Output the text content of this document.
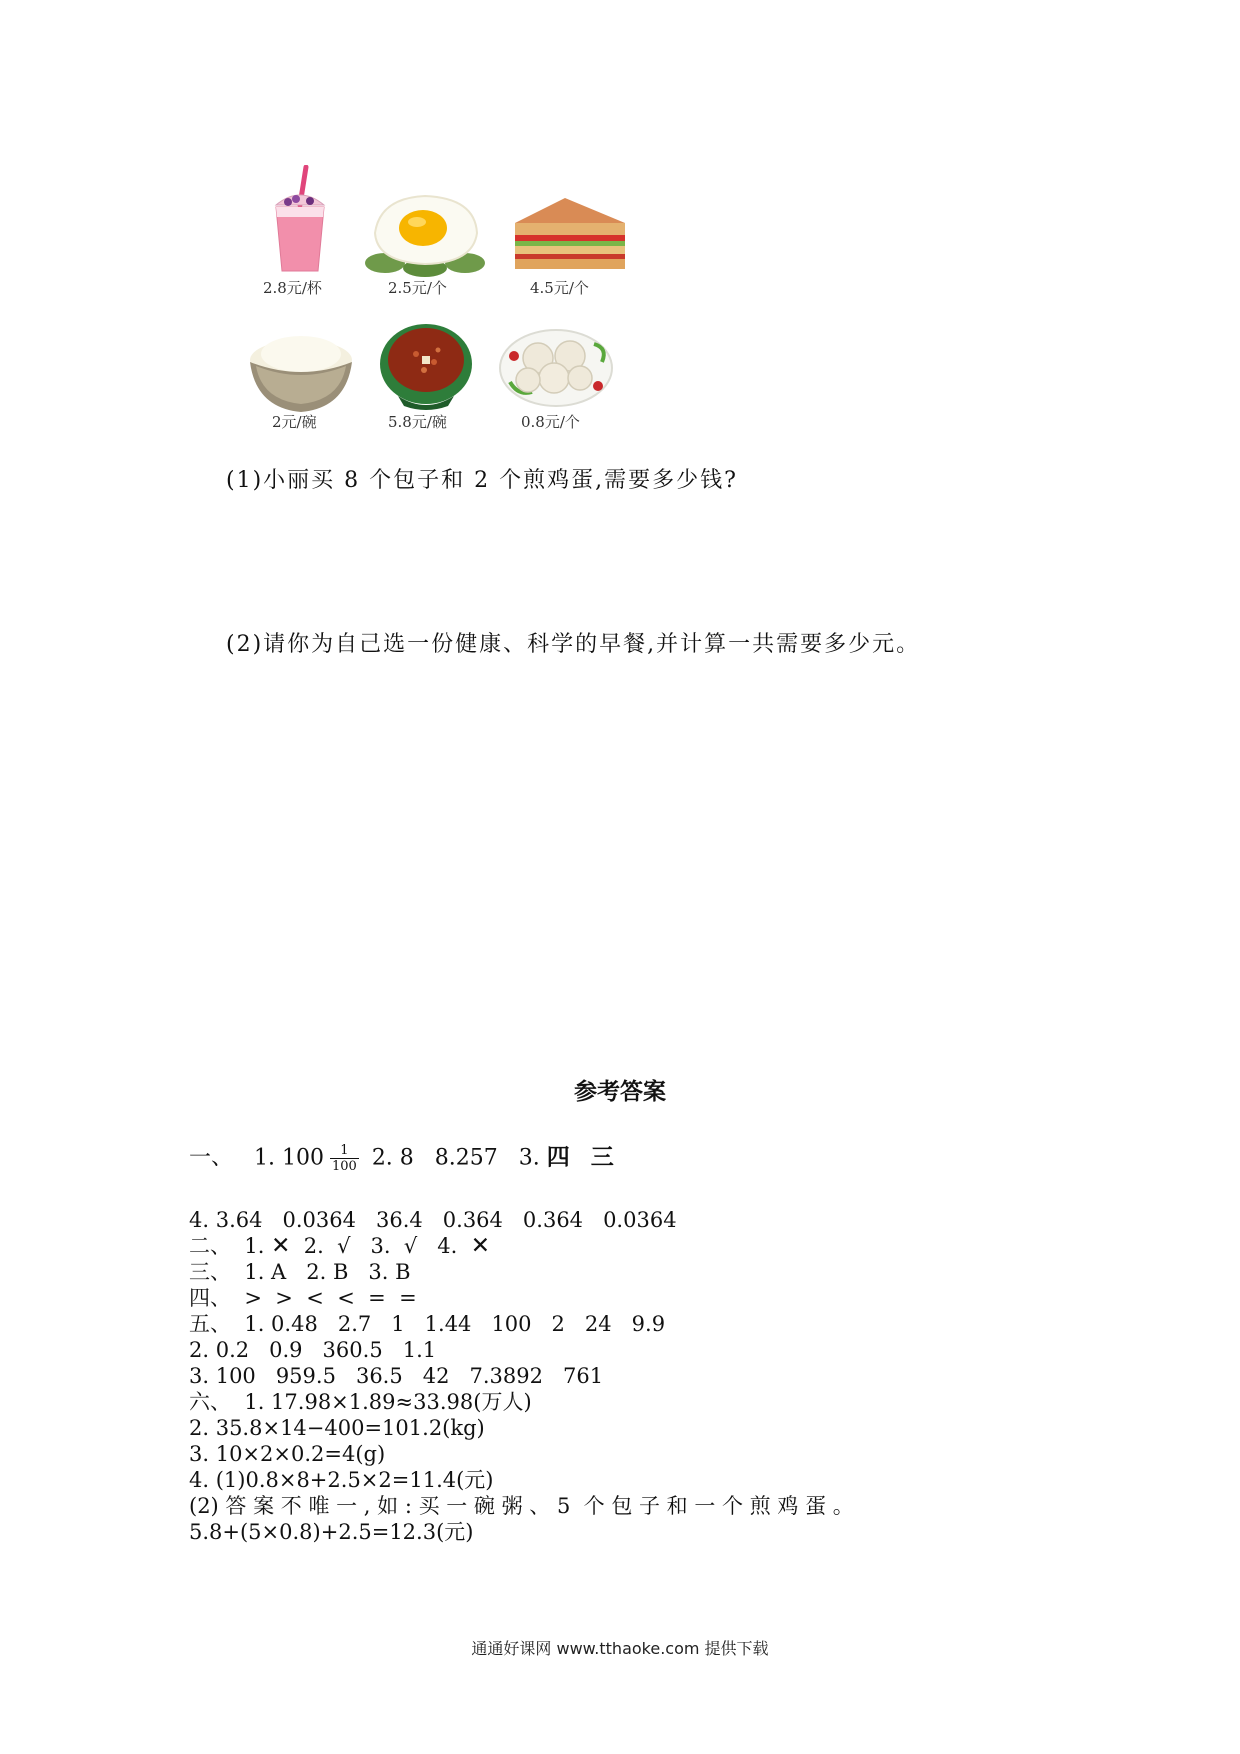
2.8元/杯	2.5元/个	4.5元/个
2元/碗	5.8元/碗	0.8元/个
(1)小丽买 8 个包子和 2 个煎鸡蛋,需要多少钱?
(2)请你为自己选一份健康、科学的早餐,并计算一共需要多少元。
参考答案
一、 1. $100 \frac{1}{100} 2$. 8   8.257   3. 四 三
4. 3.64   0.0364   36.4   0.364   0.364   0.0364
二、  1. ✕ 2.  √   3.  √   4. ✕
三、  1. A   2. B   3. B
四、  >  >  <  <  =  =
五、  1. 0.48   2.7   1   1.44   100   2   24   9.9
2. 0.2   0.9   360.5   1.1
3. 100   959.5   36.5   42   7.3892   761
六、  1. 17.98×1.89≈33.98(万人)
2. 35.8×14−400=101.2(kg)
3. 10×2×0.2=4(g)
4. (1)0.8×8+2.5×2=11.4(元)
(2) 答 案 不 唯 一 , 如 : 买 一 碗 粥 、 5  个 包 子 和 一 个 煎 鸡 蛋 。
5.8+(5×0.8)+2.5=12.3(元)
通通好课网 www.tthaoke.com 提供下载
